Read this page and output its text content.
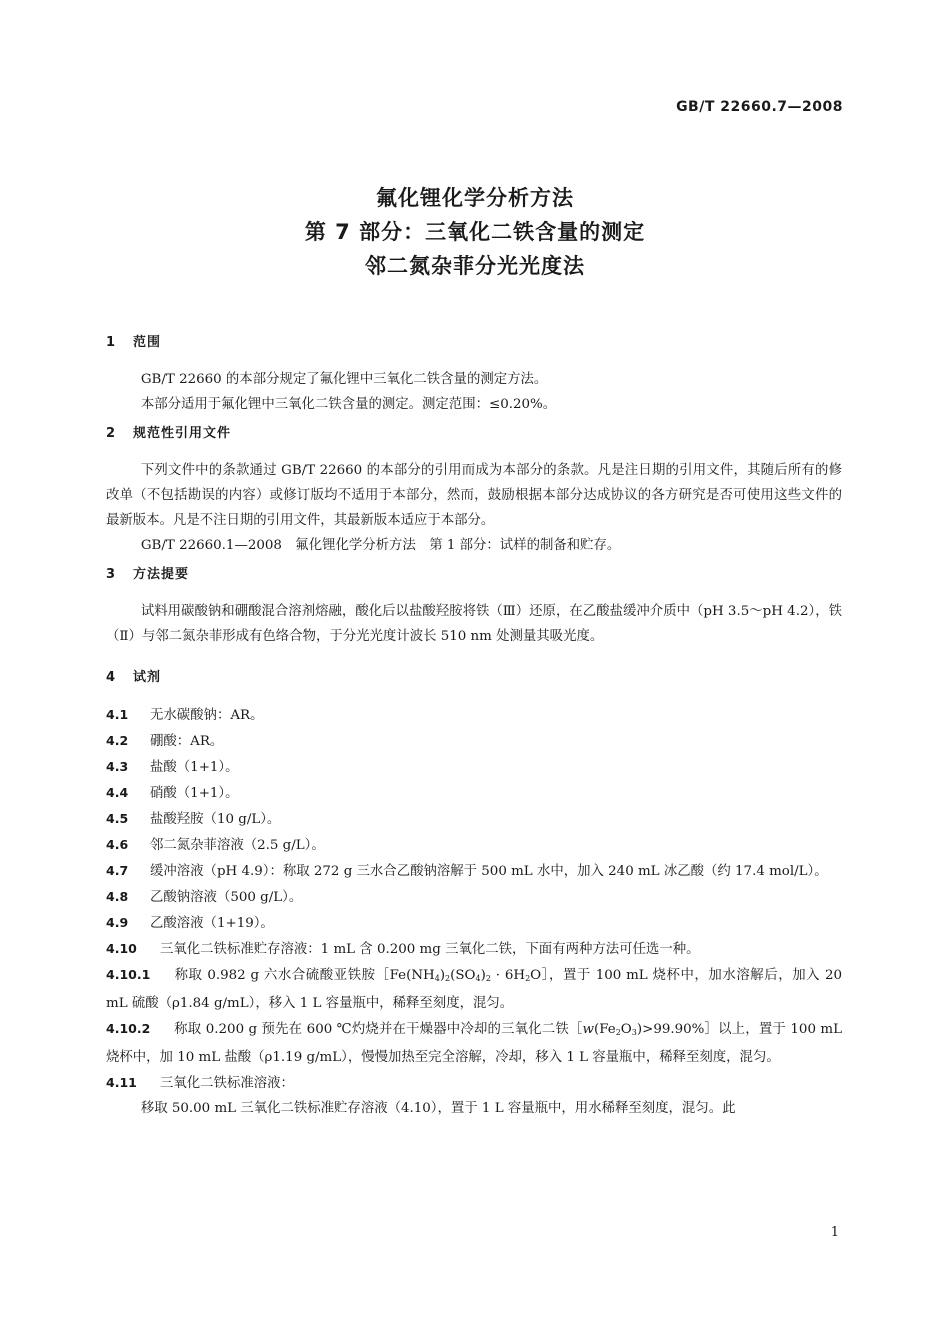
GB/T 22660.7—2008
氟化锂化学分析方法
第 7 部分：三氧化二铁含量的测定
邻二氮杂菲分光光度法
1 范围
GB/T 22660 的本部分规定了氟化锂中三氧化二铁含量的测定方法。
本部分适用于氟化锂中三氧化二铁含量的测定。测定范围：≤0.20%。
2 规范性引用文件
下列文件中的条款通过 GB/T 22660 的本部分的引用而成为本部分的条款。凡是注日期的引用文件，其随后所有的修改单（不包括勘误的内容）或修订版均不适用于本部分，然而，鼓励根据本部分达成协议的各方研究是否可使用这些文件的最新版本。凡是不注日期的引用文件，其最新版本适应于本部分。
GB/T 22660.1—2008　氟化锂化学分析方法　第 1 部分：试样的制备和贮存。
3 方法提要
试料用碳酸钠和硼酸混合溶剂熔融，酸化后以盐酸羟胺将铁（Ⅲ）还原，在乙酸盐缓冲介质中（pH 3.5～pH 4.2），铁（Ⅱ）与邻二氮杂菲形成有色络合物，于分光光度计波长 510 nm 处测量其吸光度。
4 试剂
4.1 无水碳酸钠：AR。
4.2 硼酸：AR。
4.3 盐酸（1+1）。
4.4 硝酸（1+1）。
4.5 盐酸羟胺（10 g/L）。
4.6 邻二氮杂菲溶液（2.5 g/L）。
4.7 缓冲溶液（pH 4.9）：称取 272 g 三水合乙酸钠溶解于 500 mL 水中，加入 240 mL 冰乙酸（约 17.4 mol/L）。
4.8 乙酸钠溶液（500 g/L）。
4.9 乙酸溶液（1+19）。
4.10 三氧化二铁标准贮存溶液：1 mL 含 0.200 mg 三氧化二铁，下面有两种方法可任选一种。
4.10.1 称取 0.982 g 六水合硫酸亚铁胺$[Fe(NH_4)_2(SO_4)_2$ · $6H_2O]$，置于 100 mL 烧杯中，加水溶解后，加入 20 mL 硫酸（ρ1.84 g/mL），移入 1 L 容量瓶中，稀释至刻度，混匀。
4.10.2 称取 0.200 g 预先在 600 ℃灼烧并在干燥器中冷却的三氧化二铁$[w(Fe_2O_3)>99.90\%]$以上，置于 100 mL 烧杯中，加 10 mL 盐酸（ρ1.19 g/mL），慢慢加热至完全溶解，冷却，移入 1 L 容量瓶中，稀释至刻度，混匀。
4.11 三氧化二铁标准溶液：
移取 50.00 mL 三氧化二铁标准贮存溶液（4.10），置于 1 L 容量瓶中，用水稀释至刻度，混匀。此
1
